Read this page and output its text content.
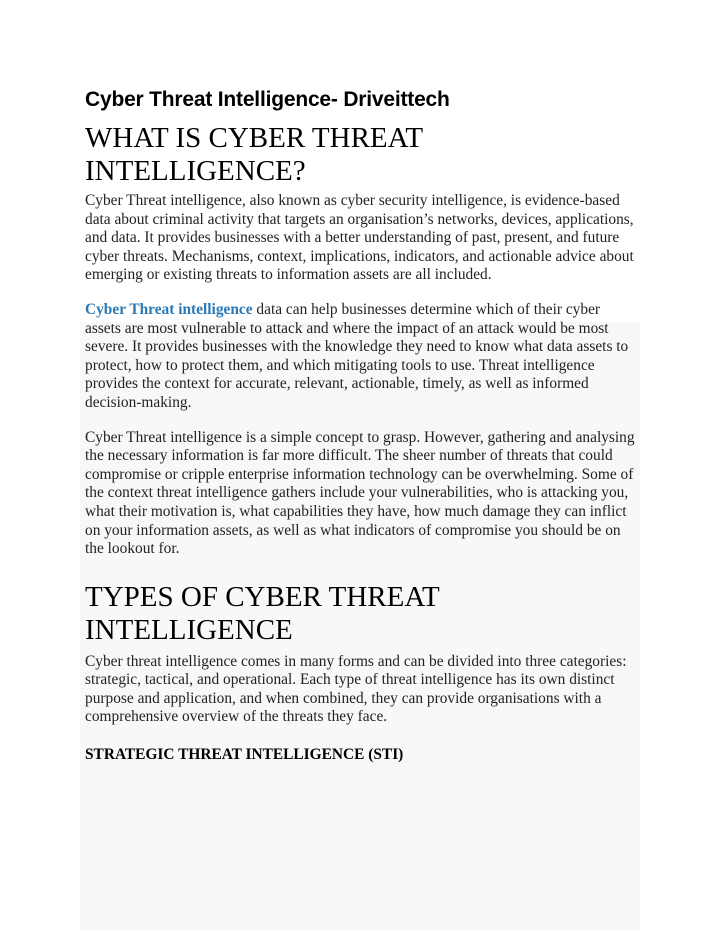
Cyber Threat Intelligence- Driveittech
WHAT IS CYBER THREAT INTELLIGENCE?

Cyber Threat intelligence, also known as cyber security intelligence, is evidence-based data about criminal activity that targets an organisation’s networks, devices, applications, and data. It provides businesses with a better understanding of past, present, and future cyber threats. Mechanisms, context, implications, indicators, and actionable advice about emerging or existing threats to information assets are all included.

Cyber Threat intelligence data can help businesses determine which of their cyber assets are most vulnerable to attack and where the impact of an attack would be most severe. It provides businesses with the knowledge they need to know what data assets to protect, how to protect them, and which mitigating tools to use. Threat intelligence provides the context for accurate, relevant, actionable, timely, as well as informed decision-making.

Cyber Threat intelligence is a simple concept to grasp. However, gathering and analysing the necessary information is far more difficult. The sheer number of threats that could compromise or cripple enterprise information technology can be overwhelming. Some of the context threat intelligence gathers include your vulnerabilities, who is attacking you, what their motivation is, what capabilities they have, how much damage they can inflict on your information assets, as well as what indicators of compromise you should be on the lookout for.

TYPES OF CYBER THREAT INTELLIGENCE

Cyber threat intelligence comes in many forms and can be divided into three categories: strategic, tactical, and operational. Each type of threat intelligence has its own distinct purpose and application, and when combined, they can provide organisations with a comprehensive overview of the threats they face.

STRATEGIC THREAT INTELLIGENCE (STI)
